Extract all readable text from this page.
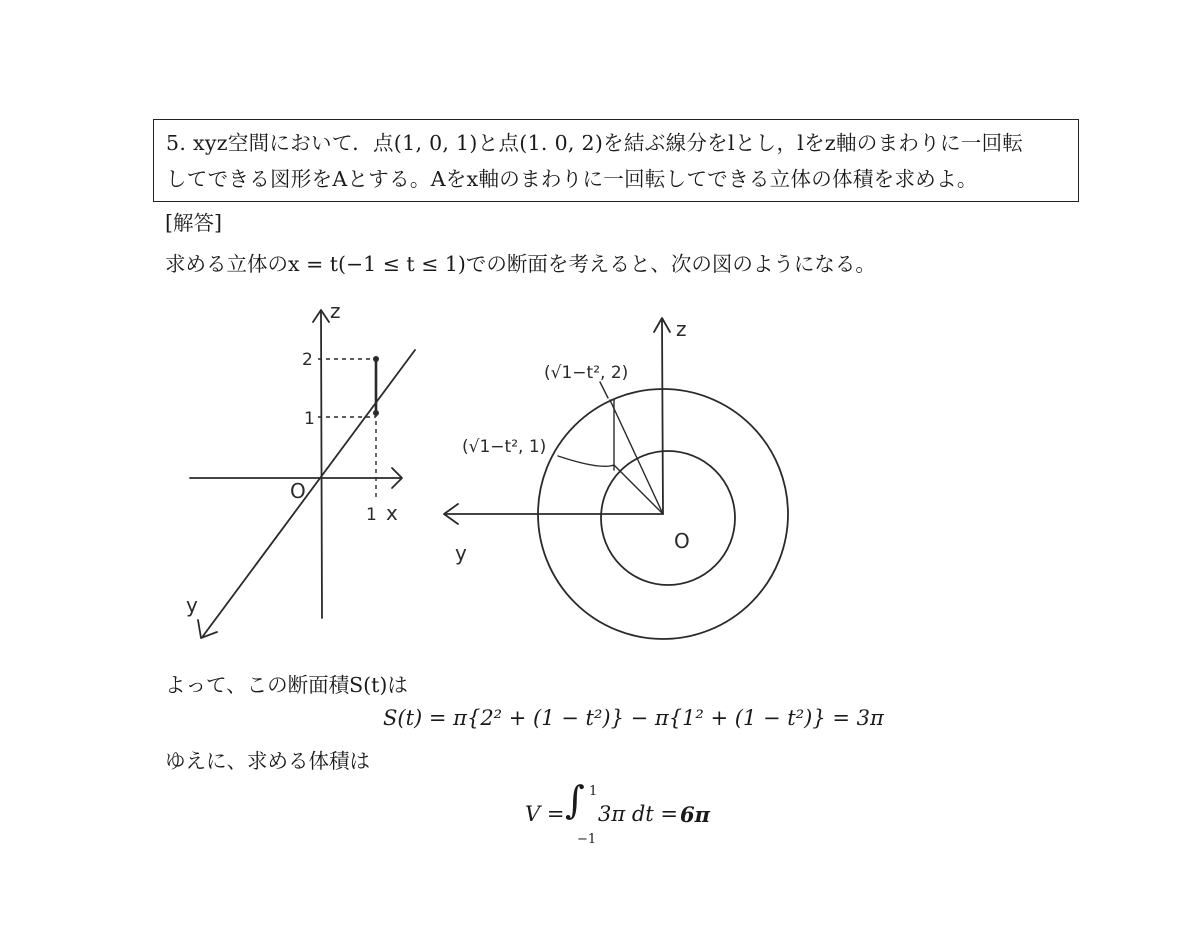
5. xyz空間において．点(1, 0, 1)と点(1. 0, 2)を結ぶ線分をlとし，lをz軸のまわりに一回転
してできる図形をAとする。Aをx軸のまわりに一回転してできる立体の体積を求めよ。
[解答]
求める立体のx = t(−1 ≤ t ≤ 1)での断面を考えると、次の図のようになる。
z
x
y
O
2
1
1
z
y	O
(√1−t², 2)
(√1−t², 1)
よって、この断面積S(t)は
S(t) = π{2² + (1 − t²)} − π{1² + (1 − t²)} = 3π
ゆえに、求める体積は
V = ∫ 1
−1
3π dt = 6π
